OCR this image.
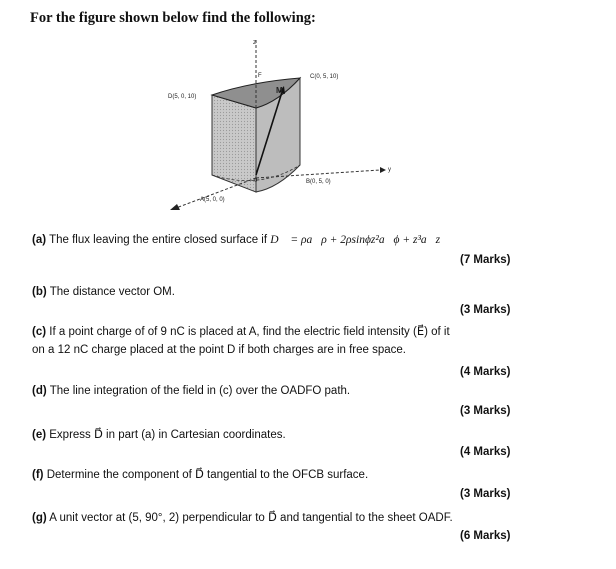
For the figure shown below find the following:
z
F
M
C(0, 5, 10)
D(5, 0, 10)
B(0, 5, 0)
A(5, 0, 0)
0
y
(a) The flux leaving the entire closed surface if D⃗ = ρa⃗ρ + 2ρsinϕz²a⃗ϕ + z³a⃗z
(7 Marks)
(b) The distance vector OM.
(3 Marks)
(c) If a point charge of of 9 nC is placed at A, find the electric field intensity (E⃗) of it
on a 12 nC charge placed at the point D if both charges are in free space.
(4 Marks)
(d) The line integration of the field in (c) over the OADFO path.
(3 Marks)
(e) Express D⃗ in part (a) in Cartesian coordinates.
(4 Marks)
(f) Determine the component of D⃗ tangential to the OFCB surface.
(3 Marks)
(g) A unit vector at (5, 90°, 2) perpendicular to D⃗ and tangential to the sheet OADF.
(6 Marks)
